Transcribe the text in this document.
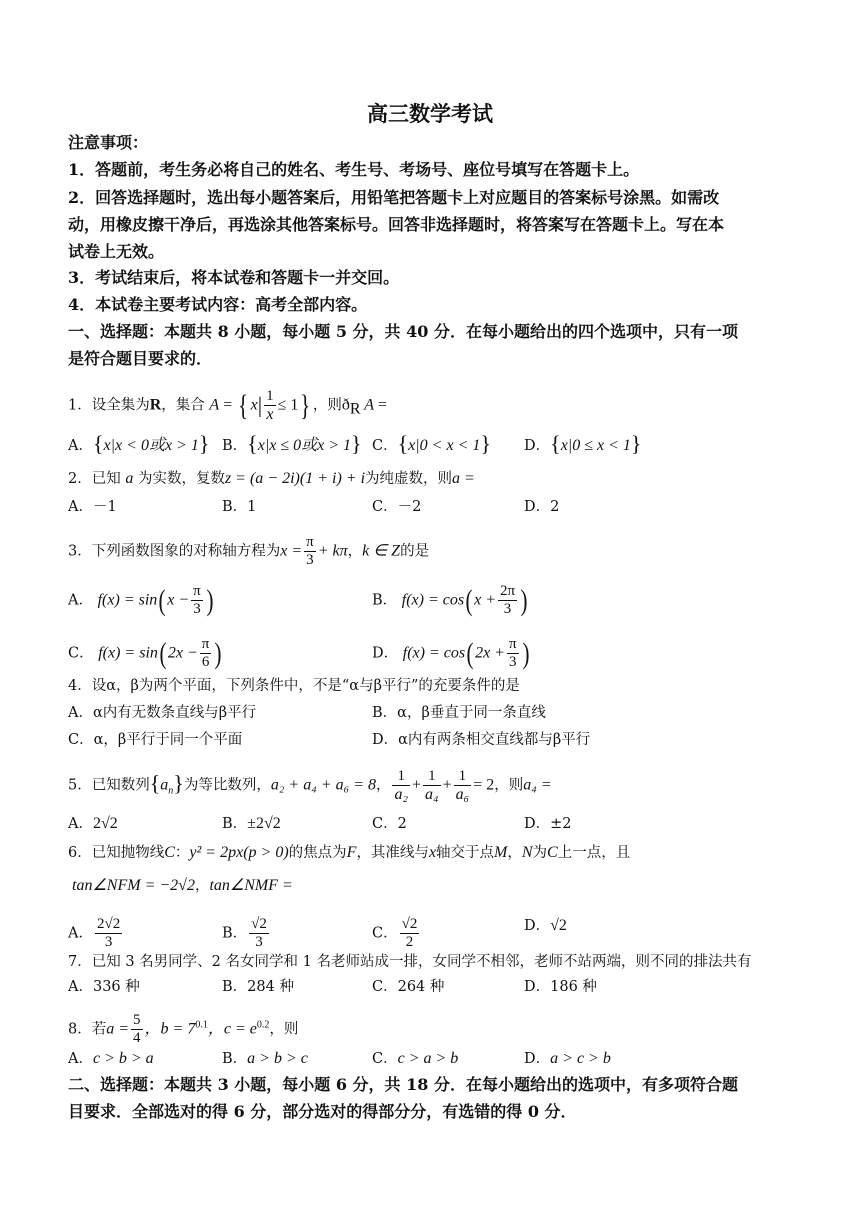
高三数学考试
注意事项：
1．答题前，考生务必将自己的姓名、考生号、考场号、座位号填写在答题卡上。
2．回答选择题时，选出每小题答案后，用铅笔把答题卡上对应题目的答案标号涂黑。如需改
动，用橡皮擦干净后，再选涂其他答案标号。回答非选择题时，将答案写在答题卡上。写在本
试卷上无效。
3．考试结束后，将本试卷和答题卡一并交回。
4．本试卷主要考试内容：高考全部内容。
一、选择题：本题共 8 小题，每小题 5 分，共 40 分．在每小题给出的四个选项中，只有一项
是符合题目要求的．
1．设全集为R，集合 A = { $x| \frac{1}{x} \le 1$} ，则$ð_R$ A =
A．{x|x < 0或x > 1} B．{x|x ≤ 0或x > 1} C．{x|0 < x < 1} D．{x|0 ≤ x < 1}
2．已知 a 为实数，复数z = (a − 2i)(1 + i) + i为纯虚数，则a =
A．－1	B．1	C．－2	D．2
3．下列函数图象的对称轴方程为$x = \frac{\pi}{3} + k\pi$，k ∈ Z的是
A． $f(x) = \sin(x - \frac{\pi}{3}$ )	B． $f(x) = \cos(x + \frac{2\pi}{3}$ )
C． $f(x) = \sin(2x - \frac{\pi}{6}$ )	D． $f(x) = \cos(2x + \frac{\pi}{3}$ )
4．设α，β为两个平面，下列条件中，不是“α与β平行”的充要条件的是
A．α内有无数条直线与β平行	B．α，β垂直于同一条直线
C．α，β平行于同一个平面	D．α内有两条相交直线都与β平行
5．已知数列$\{a_n\}$为等比数列，a₂ + a₄ + a₆ = 8， $\frac{1}{\text{a₂}} + \frac{1}{\text{a₄}} + \frac{1}{\text{a₆}} = 2$，则a₄ =
A．2√2	B．±2√2	C．2	D．±2
6．已知抛物线C：y² = 2px(p > 0)的焦点为F，其准线与x轴交于点M，N为C上一点，且
tan∠NFM = −2√2，tan∠NMF =
A． $\frac{2√2}{3}$	B． $\frac{√2}{3}$	C． $\frac{√2}{2}$	D．√2
7．已知 3 名男同学、2 名女同学和 1 名老师站成一排，女同学不相邻，老师不站两端，则不同的排法共有
A．336 种	B．284 种	C．264 种	D．186 种
8．若$a = \frac{5}{4}$ ，$b = 7^{0.1}$，$c = e^{0.2}$，则
A．c > b > a	B．a > b > c	C．c > a > b	D．a > c > b
二、选择题：本题共 3 小题，每小题 6 分，共 18 分．在每小题给出的选项中，有多项符合题
目要求．全部选对的得 6 分，部分选对的得部分分，有选错的得 0 分．
